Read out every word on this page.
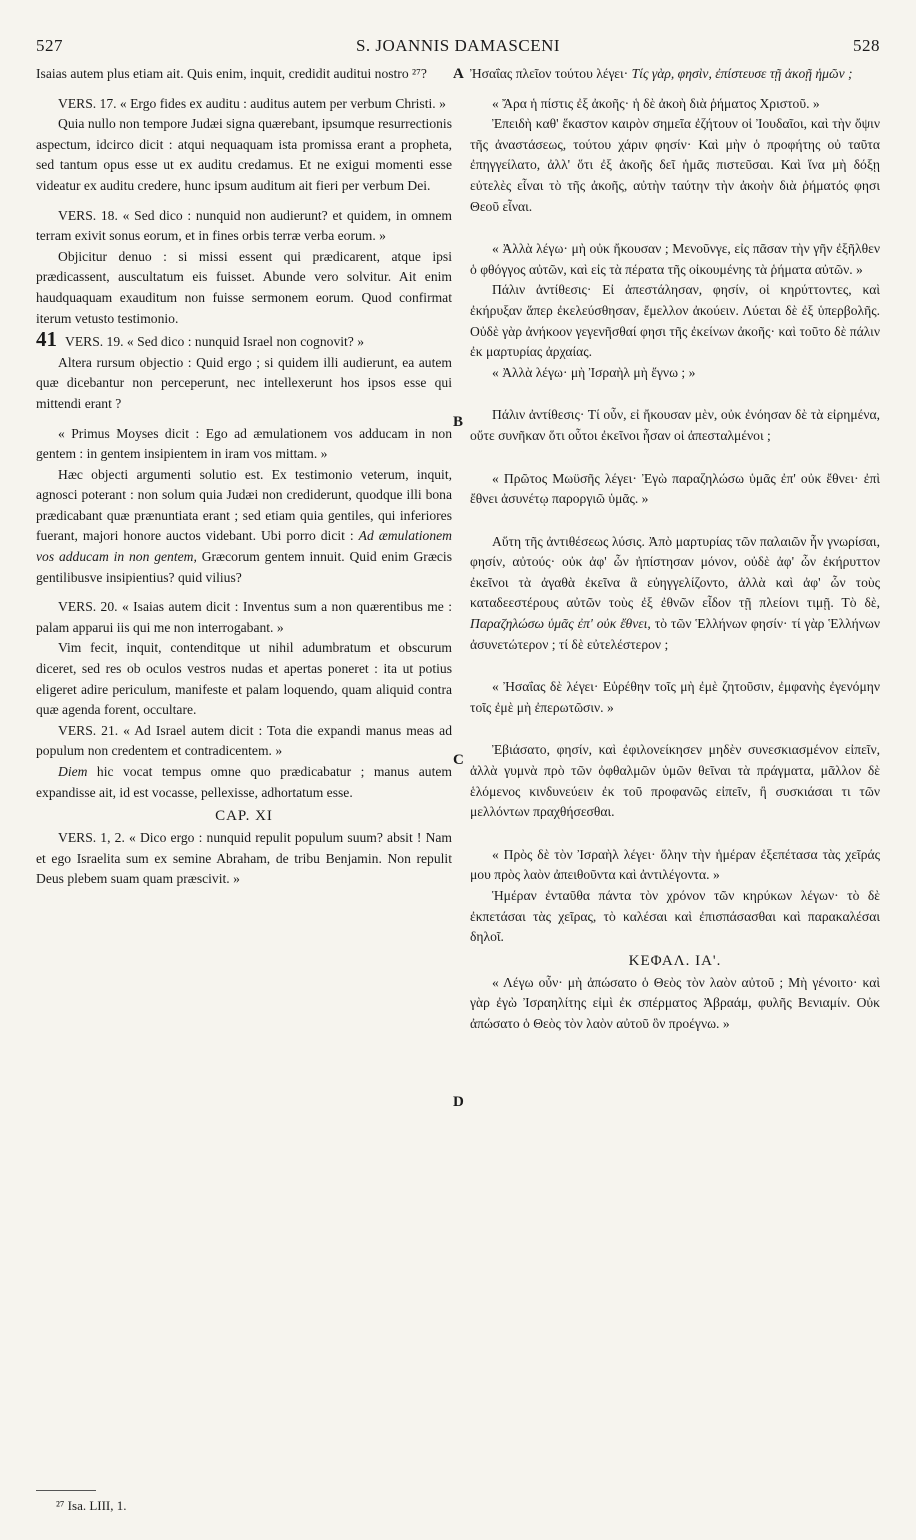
527	S. JOANNIS DAMASCENI	528

Isaias autem plus etiam ait. Quis enim, inquit, credidit auditui nostro ²⁷?

VERS. 17. « Ergo fides ex auditu : auditus autem per verbum Christi. »

Quia nullo non tempore Judæi signa quærebant, ipsumque resurrectionis aspectum, idcirco dicit : atqui nequaquam ista promissa erant a propheta, sed tantum opus esse ut ex auditu credamus. Et ne exigui momenti esse videatur ex auditu credere, hunc ipsum auditum ait fieri per verbum Dei.

VERS. 18. « Sed dico : nunquid non audierunt? et quidem, in omnem terram exivit sonus eorum, et in fines orbis terræ verba eorum. »

Objicitur denuo : si missi essent qui prædicarent, atque ipsi prædicassent, auscultatum eis fuisset. Abunde vero solvitur. Ait enim haudquaquam exauditum non fuisse sermonem eorum. Quod confirmat iterum vetusto testimonio.

41 VERS. 19. « Sed dico : nunquid Israel non cognovit? »

Altera rursum objectio : Quid ergo ; si quidem illi audierunt, ea autem quæ dicebantur non perceperunt, nec intellexerunt hos ipsos esse qui mittendi erant ?

« Primus Moyses dicit : Ego ad æmulationem vos adducam in non gentem : in gentem insipientem in iram vos mittam. »

Hæc objecti argumenti solutio est. Ex testimonio veterum, inquit, agnosci poterant : non solum quia Judæi non crediderunt, quodque illi bona prædicabant quæ prænuntiata erant ; sed etiam quia gentiles, qui inferiores fuerant, majori honore auctos videbant. Ubi porro dicit : Ad æmulationem vos adducam in non gentem, Græcorum gentem innuit. Quid enim Græcis gentilibusve insipientius? quid vilius?

VERS. 20. « Isaias autem dicit : Inventus sum a non quærentibus me : palam apparui iis qui me non interrogabant. »

Vim fecit, inquit, contenditque ut nihil adumbratum et obscurum diceret, sed res ob oculos vestros nudas et apertas poneret : ita ut potius eligeret adire periculum, manifeste et palam loquendo, quam aliquid contra quæ agenda forent, occultare.

VERS. 21. « Ad Israel autem dicit : Tota die expandi manus meas ad populum non credentem et contradicentem. »

Diem hic vocat tempus omne quo prædicabatur ; manus autem expandisse ait, id est vocasse, pellexisse, adhortatum esse.

CAP. XI

VERS. 1, 2. « Dico ergo : nunquid repulit populum suum? absit ! Nam et ego Israelita sum ex semine Abraham, de tribu Benjamin. Non repulit Deus plebem suam quam præscivit. »

Ἠσαΐας πλεῖον τούτου λέγει· Τίς γὰρ, φησὶν, ἐπίστευσε τῇ ἀκοῇ ἡμῶν ;

« Ἄρα ἡ πίστις ἐξ ἀκοῆς· ἡ δὲ ἀκοὴ διὰ ῥήματος Χριστοῦ. »

Ἐπειδὴ καθ' ἕκαστον καιρὸν σημεῖα ἐζήτουν οἱ Ἰουδαῖοι, καὶ τὴν ὄψιν τῆς ἀναστάσεως, τούτου χάριν φησίν· Καὶ μὴν ὁ προφήτης οὐ ταῦτα ἐπηγγείλατο, ἀλλ' ὅτι ἐξ ἀκοῆς δεῖ ἡμᾶς πιστεῦσαι. Καὶ ἵνα μὴ δόξῃ εὐτελὲς εἶναι τὸ τῆς ἀκοῆς, αὐτὴν ταύτην τὴν ἀκοὴν διὰ ῥήματός φησι Θεοῦ εἶναι.

« Ἀλλὰ λέγω· μὴ οὐκ ἤκουσαν ; Μενοῦνγε, εἰς πᾶσαν τὴν γῆν ἐξῆλθεν ὁ φθόγγος αὐτῶν, καὶ εἰς τὰ πέρατα τῆς οἰκουμένης τὰ ῥήματα αὐτῶν. »

Πάλιν ἀντίθεσις· Εἰ ἀπεστάλησαν, φησίν, οἱ κηρύττοντες, καὶ ἐκήρυξαν ἅπερ ἐκελεύσθησαν, ἔμελλον ἀκούειν. Λύεται δὲ ἐξ ὑπερβολῆς. Οὐδὲ γὰρ ἀνήκοον γεγενῆσθαί φησι τῆς ἐκείνων ἀκοῆς· καὶ τοῦτο δὲ πάλιν ἐκ μαρτυρίας ἀρχαίας.

« Ἀλλὰ λέγω· μὴ Ἰσραὴλ μὴ ἔγνω ; »

Πάλιν ἀντίθεσις· Τί οὖν, εἰ ἤκουσαν μὲν, οὐκ ἐνόησαν δὲ τὰ εἰρημένα, οὔτε συνῆκαν ὅτι οὗτοι ἐκεῖνοι ἦσαν οἱ ἀπεσταλμένοι ;

« Πρῶτος Μωϋσῆς λέγει· Ἐγὼ παραζηλώσω ὑμᾶς ἐπ' οὐκ ἔθνει· ἐπὶ ἔθνει ἀσυνέτῳ παροργιῶ ὑμᾶς. »

Αὕτη τῆς ἀντιθέσεως λύσις. Ἀπὸ μαρτυρίας τῶν παλαιῶν ἦν γνωρίσαι, φησίν, αὐτούς· οὐκ ἀφ' ὧν ἠπίστησαν μόνον, οὐδὲ ἀφ' ὧν ἐκήρυττον ἐκεῖνοι τὰ ἀγαθὰ ἐκεῖνα ἃ εὐηγγελίζοντο, ἀλλὰ καὶ ἀφ' ὧν τοὺς καταδεεστέρους αὐτῶν τοὺς ἐξ ἐθνῶν εἶδον τῇ πλείονι τιμῇ. Τὸ δὲ, Παραζηλώσω ὑμᾶς ἐπ' οὐκ ἔθνει, τὸ τῶν Ἑλλήνων φησίν· τί γὰρ Ἑλλήνων ἀσυνετώτερον ; τί δὲ εὐτελέστερον ;

« Ἠσαΐας δὲ λέγει· Εὑρέθην τοῖς μὴ ἐμὲ ζητοῦσιν, ἐμφανὴς ἐγενόμην τοῖς ἐμὲ μὴ ἐπερωτῶσιν. »

Ἐβιάσατο, φησίν, καὶ ἐφιλονείκησεν μηδὲν συνεσκιασμένον εἰπεῖν, ἀλλὰ γυμνὰ πρὸ τῶν ὀφθαλμῶν ὑμῶν θεῖναι τὰ πράγματα, μᾶλλον δὲ ἑλόμενος κινδυνεύειν ἐκ τοῦ προφανῶς εἰπεῖν, ἢ συσκιάσαι τι τῶν μελλόντων πραχθήσεσθαι.

« Πρὸς δὲ τὸν Ἰσραὴλ λέγει· ὅλην τὴν ἡμέραν ἐξεπέτασα τὰς χεῖράς μου πρὸς λαὸν ἀπειθοῦντα καὶ ἀντιλέγοντα. »

Ἡμέραν ἐνταῦθα πάντα τὸν χρόνον τῶν κηρύκων λέγων· τὸ δὲ ἐκπετάσαι τὰς χεῖρας, τὸ καλέσαι καὶ ἐπισπάσασθαι καὶ παρακαλέσαι δηλοῖ.

ΚΕΦΑΛ. ΙΑ'.

« Λέγω οὖν· μὴ ἀπώσατο ὁ Θεὸς τὸν λαὸν αὐτοῦ ; Μὴ γένοιτο· καὶ γὰρ ἐγὼ Ἰσραηλίτης εἰμὶ ἐκ σπέρματος Ἀβραάμ, φυλῆς Βενιαμίν. Οὐκ ἀπώσατο ὁ Θεὸς τὸν λαὸν αὐτοῦ ὃν προέγνω. »

A
B
C
D
²⁷ Isa. LIII, 1.
